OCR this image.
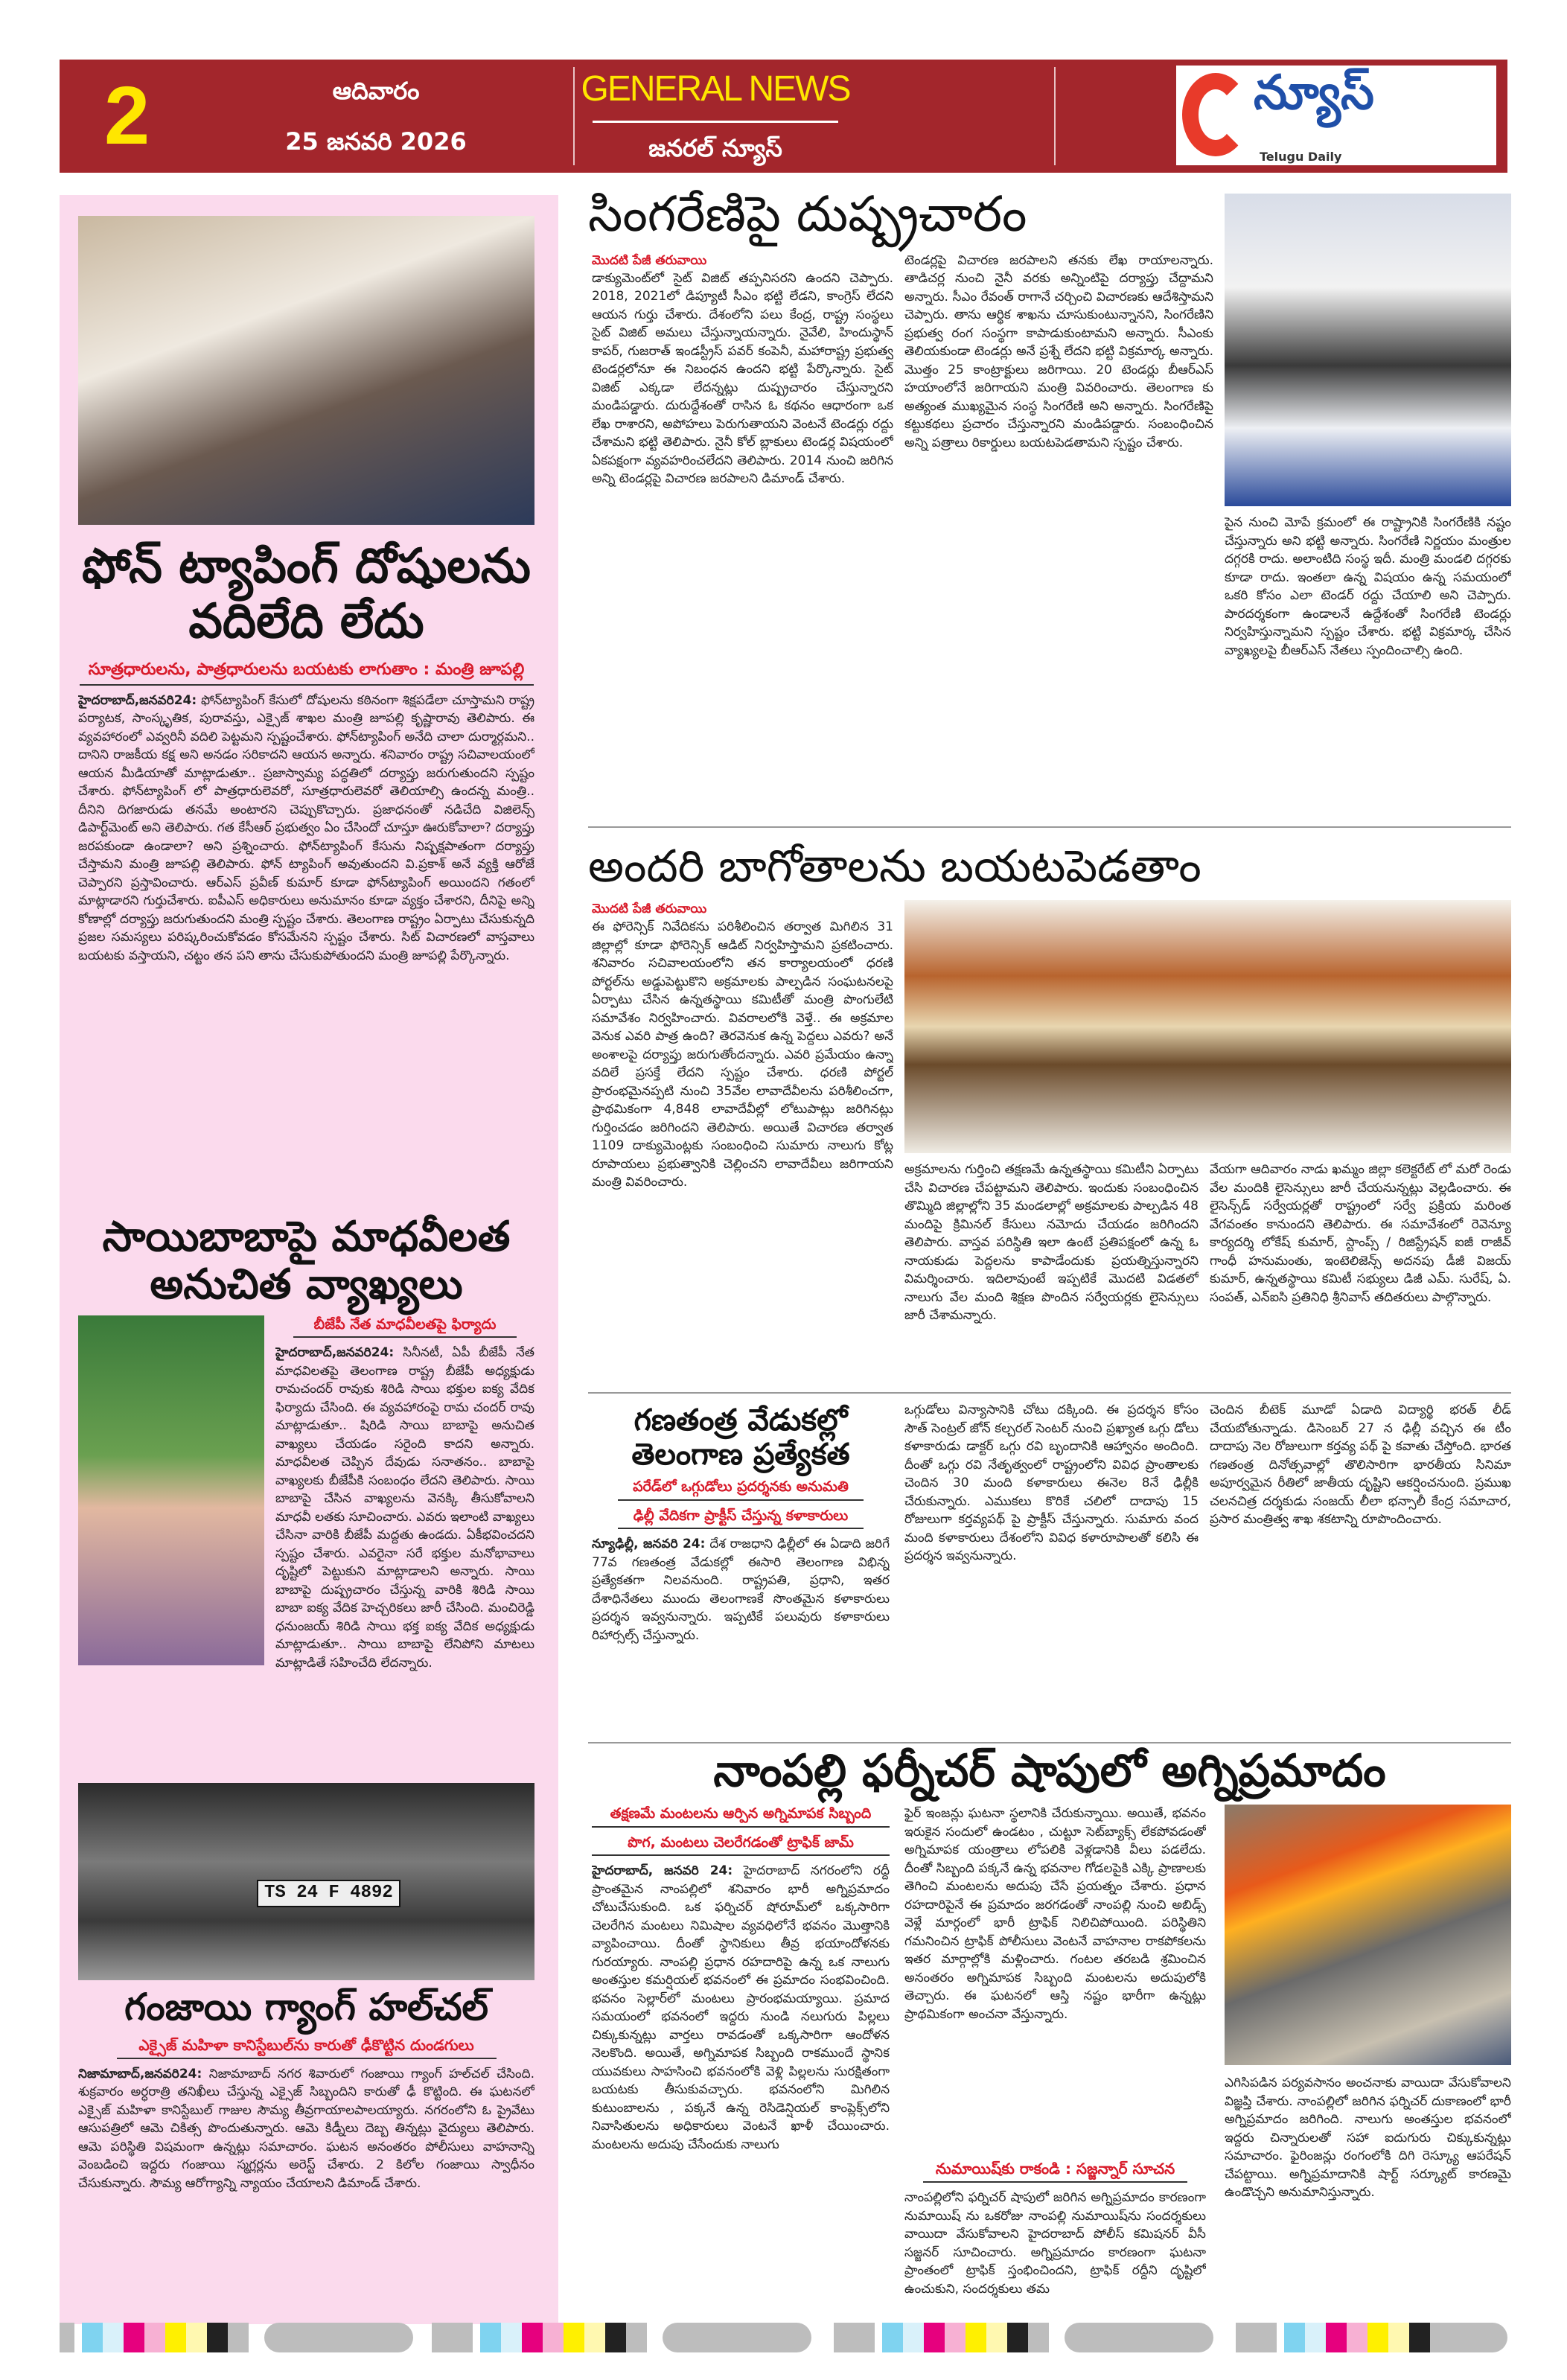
2	ఆదివారం
25 జనవరి 2026
GENERAL NEWS
జనరల్ న్యూస్
న్యూస్
Telugu Daily
ఫోన్ ట్యాపింగ్ దోషులను వదిలేది లేదు
సూత్రధారులను, పాత్రధారులను బయటకు లాగుతాం : మంత్రి జూపల్లి
హైదరాబాద్,జనవరి24: ఫోన్‌ట్యాపింగ్ కేసులో దోషులను కఠినంగా శిక్షపడేలా చూస్తామని రాష్ట్ర పర్యాటక, సాంస్కృతిక, పురావస్తు, ఎక్సైజ్ శాఖల మంత్రి జూపల్లి కృష్ణారావు తెలిపారు. ఈ వ్యవహారంలో ఎవ్వరినీ వదిలి పెట్టమని స్పష్టంచేశారు. ఫోన్‌ట్యాపింగ్ అనేది చాలా దుర్మార్గమని.. దానిని రాజకీయ కక్ష అని అనడం సరికాదని ఆయన అన్నారు. శనివారం రాష్ట్ర సచివాలయంలో ఆయన మీడియాతో మాట్లాడుతూ.. ప్రజాస్వామ్య పద్ధతిలో దర్యాప్తు జరుగుతుందని స్పష్టం చేశారు. ఫోన్‌ట్యాపింగ్ లో పాత్రధారులెవరో, సూత్రధారులెవరో తెలియాల్సి ఉందన్న మంత్రి.. దీనిని దిగజారుడు తనమే అంటారని చెప్పుకొచ్చారు. ప్రజాధనంతో నడిచేది విజిలెన్స్ డిపార్ట్‌మెంట్ అని తెలిపారు. గత కేసీఆర్ ప్రభుత్వం ఏం చేసిందో చూస్తూ ఊరుకోవాలా? దర్యాప్తు జరపకుండా ఉండాలా? అని ప్రశ్నించారు. ఫోన్‌ట్యాపింగ్ కేసును నిష్పక్షపాతంగా దర్యాప్తు చేస్తామని మంత్రి జూపల్లి తెలిపారు. ఫోన్ ట్యాపింగ్ అవుతుందని వి.ప్రకాశ్ అనే వ్యక్తి ఆరోజే చెప్పారని ప్రస్తావించారు. ఆర్ఎస్ ప్రవీణ్ కుమార్ కూడా ఫోన్‌ట్యాపింగ్ అయిందని గతంలో మాట్లాడారని గుర్తుచేశారు. ఐపీఎస్ అధికారులు అనుమానం కూడా వ్యక్తం చేశారని, దీనిపై అన్ని కోణాల్లో దర్యాప్తు జరుగుతుందని మంత్రి స్పష్టం చేశారు. తెలంగాణ రాష్ట్రం ఏర్పాటు చేసుకున్నది ప్రజల సమస్యలు పరిష్కరించుకోవడం కోసమేనని స్పష్టం చేశారు. సిట్ విచారణలో వాస్తవాలు బయటకు వస్తాయని, చట్టం తన పని తాను చేసుకుపోతుందని మంత్రి జూపల్లి పేర్కొన్నారు.
సాయిబాబాపై మాధవీలత అనుచిత వ్యాఖ్యలు
బీజేపీ నేత మాధవీలతపై ఫిర్యాదు
హైదరాబాద్,జనవరి24: సినీనటీ, ఏపీ బీజేపీ నేత మాధవిలతపై తెలంగాణ రాష్ట్ర బీజేపీ అధ్యక్షుడు రామచందర్ రావుకు శిరిడి సాయి భక్తుల ఐక్య వేదిక ఫిర్యాదు చేసింది. ఈ వ్యవహారంపై రామ చందర్ రావు మాట్లాడుతూ.. షిరిడి సాయి బాబాపై అనుచిత వాఖ్యలు చేయడం సరైంది కాదని అన్నారు. మాధవీలత చెప్పిన దేవుడు సనాతనం.. బాబాపై వాఖ్యలకు బీజేపీకి సంబంధం లేదని తెలిపారు. సాయి బాబాపై చేసిన వాఖ్యలను వెనక్కి తీసుకోవాలని మాధవీ లతకు సూచించారు. ఎవరు ఇలాంటి వాఖ్యలు చేసినా వారికి బీజేపీ మద్దతు ఉండదు. ఏకీభవించదని స్పష్టం చేశారు. ఎవరైనా సరే భక్తుల మనోభావాలు దృష్టిలో పెట్టుకుని మాట్లాడాలని అన్నారు. సాయి బాబాపై దుష్ప్రచారం చేస్తున్న వారికి శిరిడి సాయి బాబా ఐక్య వేదిక హెచ్చరికలు జారీ చేసింది. మంచిరెడ్డి ధనుంజయ్ శిరిడి సాయి భక్త ఐక్య వేదిక అధ్యక్షుడు మాట్లాడుతూ.. సాయి బాబాపై లేనిపోని మాటలు మాట్లాడితే సహించేది లేదన్నారు.
TS 24 F 4892
గంజాయి గ్యాంగ్ హల్‌చల్
ఎక్సైజ్ మహిళా కానిస్టేబుల్‌ను కారుతో ఢీకొట్టిన దుండగులు
నిజామాబాద్,జనవరి24: నిజామాబాద్ నగర శివారులో గంజాయి గ్యాంగ్ హల్‌చల్ చేసింది. శుక్రవారం అర్ధరాత్రి తనిఖీలు చేస్తున్న ఎక్సైజ్ సిబ్బందిని కారుతో ఢీ కొట్టింది. ఈ ఘటనలో ఎక్సైజ్ మహిళా కానిస్టేబుల్ గాజుల సౌమ్య తీవ్రగాయాలపాలయ్యారు. నగరంలోని ఓ ప్రైవేటు ఆసుపత్రిలో ఆమె చికిత్స పొందుతున్నారు. ఆమె కిడ్నీలు దెబ్బ తిన్నట్లు వైద్యులు తెలిపారు. ఆమె పరిస్థితి విషమంగా ఉన్నట్లు సమాచారం. ఘటన అనంతరం పోలీసులు వాహనాన్ని వెంబడించి ఇద్దరు గంజాయి స్మగ్లర్లను అరెస్ట్ చేశారు. 2 కిలోల గంజాయి స్వాధీనం చేసుకున్నారు. సౌమ్య ఆరోగ్యాన్ని న్యాయం చేయాలని డిమాండ్ చేశారు.
సింగరేణిపై దుష్ప్రచారం
మొదటి పేజీ తరువాయి
డాక్యుమెంట్‌లో సైట్ విజిట్ తప్పనిసరని ఉందని చెప్పారు. 2018, 2021లో డిప్యూటీ సీఎం భట్టి లేడని, కాంగ్రెస్ లేదని ఆయన గుర్తు చేశారు. దేశంలోని పలు కేంద్ర, రాష్ట్ర సంస్థలు సైట్ విజిట్ అమలు చేస్తున్నాయన్నారు. నైవేలి, హిందుస్థాన్ కాపర్, గుజరాత్ ఇండస్ట్రీస్ పవర్ కంపెనీ, మహారాష్ట్ర ప్రభుత్వ టెండర్లలోనూ ఈ నిబంధన ఉందని భట్టి పేర్కొన్నారు. సైట్ విజిట్ ఎక్కడా లేదన్నట్లు దుష్ప్రచారం చేస్తున్నారని మండిపడ్డారు. దురుద్దేశంతో రాసిన ఓ కథనం ఆధారంగా ఒక లేఖ రాశారని, అపోహలు పెరుగుతాయని వెంటనే టెండర్లు రద్దు చేశామని భట్టి తెలిపారు. నైనీ కోల్ బ్లాకులు టెండర్ల విషయంలో ఏకపక్షంగా వ్యవహరించలేదని తెలిపారు. 2014 నుంచి జరిగిన అన్ని టెండర్లపై విచారణ జరపాలని డిమాండ్ చేశారు.
టెండర్లపై విచారణ జరపాలని తనకు లేఖ రాయాలన్నారు. తాడిచర్ల నుంచి నైనీ వరకు అన్నింటిపై దర్యాప్తు చేద్దామని అన్నారు. సీఎం రేవంత్ రాగానే చర్చించి విచారణకు ఆదేశిస్తామని చెప్పారు. తాను ఆర్థిక శాఖను చూసుకుంటున్నానని, సింగరేణిని ప్రభుత్వ రంగ సంస్థగా కాపాడుకుంటామని అన్నారు. సీఎంకు తెలియకుండా టెండర్లు అనే ప్రశ్నే లేదని భట్టి విక్రమార్క అన్నారు. మొత్తం 25 కాంట్రాక్టులు జరిగాయి. 20 టెండర్లు బీఆర్ఎస్ హయాంలోనే జరిగాయని మంత్రి వివరించారు. తెలంగాణ కు అత్యంత ముఖ్యమైన సంస్థ సింగరేణి అని అన్నారు. సింగరేణిపై కట్టుకథలు ప్రచారం చేస్తున్నారని మండిపడ్డారు. సంబంధించిన అన్ని పత్రాలు రికార్డులు బయటపెడతామని స్పష్టం చేశారు.
పైన నుంచి మోపే క్రమంలో ఈ రాష్ట్రానికి సింగరేణికి నష్టం చేస్తున్నారు అని భట్టి అన్నారు. సింగరేణి నిర్ణయం మంత్రుల దగ్గరకి రాదు. అలాంటిది సంస్థ ఇదీ. మంత్రి మండలి దగ్గరకు కూడా రాదు. ఇంతలా ఉన్న విషయం ఉన్న సమయంలో ఒకరి కోసం ఎలా టెండర్ రద్దు చేయాలి అని చెప్పారు. పారదర్శకంగా ఉండాలనే ఉద్దేశంతో సింగరేణి టెండర్లు నిర్వహిస్తున్నామని స్పష్టం చేశారు. భట్టి విక్రమార్క చేసిన వ్యాఖ్యలపై బీఆర్ఎస్ నేతలు స్పందించాల్సి ఉంది.
అందరి బాగోతాలను బయటపెడతాం
మొదటి పేజీ తరువాయి
ఈ ఫోరెన్సిక్ నివేదికను పరిశీలించిన తర్వాత మిగిలిన 31 జిల్లాల్లో కూడా ఫోరెన్సిక్ ఆడిట్ నిర్వహిస్తామని ప్రకటించారు. శనివారం సచివాలయంలోని తన కార్యాలయంలో ధరణి పోర్టల్‌ను అడ్డుపెట్టుకొని అక్రమాలకు పాల్పడిన సంఘటనలపై ఏర్పాటు చేసిన ఉన్నతస్థాయి కమిటీతో మంత్రి పొంగులేటి సమావేశం నిర్వహించారు. వివరాలలోకి వెళ్తే.. ఈ అక్రమాల వెనుక ఎవరి పాత్ర ఉంది? తెరవెనుక ఉన్న పెద్దలు ఎవరు? అనే అంశాలపై దర్యాప్తు జరుగుతోందన్నారు. ఎవరి ప్రమేయం ఉన్నా వదిలే ప్రసక్తే లేదని స్పష్టం చేశారు. ధరణి పోర్టల్ ప్రారంభమైనప్పటి నుంచి 35వేల లావాదేవీలను పరిశీలించగా, ప్రాథమికంగా 4,848 లావాదేవీల్లో లోటుపాట్లు జరిగినట్లు గుర్తించడం జరిగిందని తెలిపారు. అయితే విచారణ తర్వాత 1109 దాక్యుమెంట్లకు సంబంధించి సుమారు నాలుగు కోట్ల రూపాయలు ప్రభుత్వానికి చెల్లించని లావాదేవీలు జరిగాయని మంత్రి వివరించారు.
అక్రమాలను గుర్తించి తక్షణమే ఉన్నతస్థాయి కమిటీని ఏర్పాటు చేసి విచారణ చేపట్టామని తెలిపారు. ఇందుకు సంబంధించిన తొమ్మిది జిల్లాల్లోని 35 మండలాల్లో అక్రమాలకు పాల్పడిన 48 మందిపై క్రిమినల్ కేసులు నమోదు చేయడం జరిగిందని తెలిపారు. వాస్తవ పరిస్థితి ఇలా ఉంటే ప్రతిపక్షంలో ఉన్న ఓ నాయకుడు పెద్దలను కాపాడేందుకు ప్రయత్నిస్తున్నారని విమర్శించారు. ఇదిలావుంటే ఇప్పటికే మొదటి విడతలో నాలుగు వేల మంది శిక్షణ పొందిన సర్వేయర్లకు లైసెన్సులు జారీ చేశామన్నారు.
వేయగా ఆదివారం నాడు ఖమ్మం జిల్లా కలెక్టరేట్ లో మరో రెండు వేల మందికి లైసెన్సులు జారీ చేయనున్నట్లు వెల్లడించారు. ఈ లైసెన్స్‌డ్ సర్వేయర్లతో రాష్ట్రంలో సర్వే ప్రక్రియ మరింత వేగవంతం కానుందని తెలిపారు. ఈ సమావేశంలో రెవెన్యూ కార్యదర్శి లోకేష్ కుమార్, స్టాంప్స్ / రిజిస్ట్రేషన్ ఐజీ రాజీవ్ గాంధీ హనుమంతు, ఇంటెలిజెన్స్ అదనపు డీజీ విజయ్ కుమార్, ఉన్నతస్థాయి కమిటీ సభ్యులు డిజీ ఎమ్. సురేష్, ఏ. సంపత్, ఎన్ఐసి ప్రతినిధి శ్రీనివాస్ తదితరులు పాల్గొన్నారు.
గణతంత్ర వేడుకల్లో తెలంగాణ ప్రత్యేకత
పరేడ్‌లో ఒగ్గుడోలు ప్రదర్శనకు అనుమతి
ఢిల్లీ వేదికగా ప్రాక్టీస్ చేస్తున్న కళాకారులు
న్యూఢిల్లీ, జనవరి 24: దేశ రాజధాని ఢిల్లీలో ఈ ఏడాది జరిగే 77వ గణతంత్ర వేడుకల్లో ఈసారి తెలంగాణ విభిన్న ప్రత్యేకతగా నిలవనుంది. రాష్ట్రపతి, ప్రధాని, ఇతర దేశాధినేతలు ముందు తెలంగాణకే సొంతమైన కళాకారులు ప్రదర్శన ఇవ్వనున్నారు. ఇప్పటికే పలువురు కళాకారులు రిహార్సల్స్ చేస్తున్నారు.
ఒగ్గుడోలు విన్యాసానికి చోటు దక్కింది. ఈ ప్రదర్శన కోసం సౌత్ సెంట్రల్ జోన్ కల్చరల్ సెంటర్ నుంచి ప్రఖ్యాత ఒగ్గు డోలు కళాకారుడు డాక్టర్ ఒగ్గు రవి బృందానికి ఆహ్వానం అందింది. దీంతో ఒగ్గు రవి నేతృత్వంలో రాష్ట్రంలోని వివిధ ప్రాంతాలకు చెందిన 30 మంది కళాకారులు ఈనెల 8నే ఢిల్లీకి చేరుకున్నారు. ఎముకలు కొరికే చలిలో దాదాపు 15 రోజులుగా కర్తవ్యపథ్ పై ప్రాక్టీస్ చేస్తున్నారు. సుమారు వంద మంది కళాకారులు దేశంలోని వివిధ కళారూపాలతో కలిసి ఈ ప్రదర్శన ఇవ్వనున్నారు.
చెందిన బీటెక్ మూడో ఏడాది విద్యార్థి భరత్ లీడ్ చేయబోతున్నాడు. డిసెంబర్ 27 న ఢిల్లీ వచ్చిన ఈ టీం దాదాపు నెల రోజులుగా కర్తవ్య పథ్ పై కవాతు చేస్తోంది. భారత గణతంత్ర దినోత్సవాల్లో తొలిసారిగా భారతీయ సినిమా అపూర్వమైన రీతిలో జాతీయ దృష్టిని ఆకర్షించనుంది. ప్రముఖ చలనచిత్ర దర్శకుడు సంజయ్ లీలా భన్సాలీ కేంద్ర సమాచార, ప్రసార మంత్రిత్వ శాఖ శకటాన్ని రూపొందించారు.
నాంపల్లి ఫర్నీచర్ షాపులో అగ్నిప్రమాదం
తక్షణమే మంటలను ఆర్పిన అగ్నిమాపక సిబ్బంది
పొగ, మంటలు చెలరేగడంతో ట్రాఫిక్ జామ్
హైదరాబాద్, జనవరి 24: హైదరాబాద్ నగరంలోని రద్దీ ప్రాంతమైన నాంపల్లిలో శనివారం భారీ అగ్నిప్రమాదం చోటుచేసుకుంది. ఒక ఫర్నిచర్ షోరూమ్‌లో ఒక్కసారిగా చెలరేగిన మంటలు నిమిషాల వ్యవధిలోనే భవనం మొత్తానికి వ్యాపించాయి. దీంతో స్థానికులు తీవ్ర భయాందోళనకు గురయ్యారు. నాంపల్లి ప్రధాన రహదారిపై ఉన్న ఒక నాలుగు అంతస్తుల కమర్షియల్ భవనంలో ఈ ప్రమాదం సంభవించింది. భవనం సెల్లార్‌లో మంటలు ప్రారంభమయ్యాయి. ప్రమాద సమయంలో భవనంలో ఇద్దరు నుండి నలుగురు పిల్లలు చిక్కుకున్నట్లు వార్తలు రావడంతో ఒక్కసారిగా ఆందోళన నెలకొంది. అయితే, అగ్నిమాపక సిబ్బంది రాకముందే స్థానిక యువకులు సాహసించి భవనంలోకి వెళ్లి పిల్లలను సురక్షితంగా బయటకు తీసుకువచ్చారు. భవనంలోని మిగిలిన కుటుంబాలను , పక్కనే ఉన్న రెసిడెన్షియల్ కాంప్లెక్స్‌లోని నివాసితులను అధికారులు వెంటనే ఖాళీ చేయించారు. మంటలను అదుపు చేసేందుకు నాలుగు
ఫైర్ ఇంజన్లు ఘటనా స్థలానికి చేరుకున్నాయి. అయితే, భవనం ఇరుకైన సందులో ఉండటం , చుట్టూ సెట్‌బ్యాక్స్ లేకపోవడంతో అగ్నిమాపక యంత్రాలు లోపలికి వెళ్లడానికి వీలు పడలేదు. దీంతో సిబ్బంది పక్కనే ఉన్న భవనాల గోడలపైకి ఎక్కి ప్రాణాలకు తెగించి మంటలను అదుపు చేసే ప్రయత్నం చేశారు. ప్రధాన రహదారిపైనే ఈ ప్రమాదం జరగడంతో నాంపల్లి నుంచి అబిడ్స్ వెళ్లే మార్గంలో భారీ ట్రాఫిక్ నిలిచిపోయింది. పరిస్థితిని గమనించిన ట్రాఫిక్ పోలీసులు వెంటనే వాహనాల రాకపోకలను ఇతర మార్గాల్లోకి మళ్లించారు. గంటల తరబడి శ్రమించిన అనంతరం అగ్నిమాపక సిబ్బంది మంటలను అదుపులోకి తెచ్చారు. ఈ ఘటనలో ఆస్తి నష్టం భారీగా ఉన్నట్లు ప్రాథమికంగా అంచనా వేస్తున్నారు.
నుమాయిష్‌కు రాకండి : సజ్జన్నార్ సూచన
నాంపల్లిలోని ఫర్నిచర్ షాపులో జరిగిన అగ్నిప్రమాదం కారణంగా నుమాయిష్ ను ఒకరోజు నాంపల్లి నుమాయిష్‌ను సందర్శకులు వాయిదా వేసుకోవాలని హైదరాబాద్ పోలీస్ కమిషనర్ వీసీ సజ్జనర్ సూచించారు. అగ్నిప్రమాదం కారణంగా ఘటనా ప్రాంతంలో ట్రాఫిక్ స్తంభించిందని, ట్రాఫిక్ రద్దీని దృష్టిలో ఉంచుకుని, సందర్శకులు తమ
ఎగిసిపడిన పర్యవసానం అంచనాకు వాయిదా వేసుకోవాలని విజ్ఞప్తి చేశారు. నాంపల్లిలో జరిగిన ఫర్నిచర్ దుకాణంలో భారీ అగ్నిప్రమాదం జరిగింది. నాలుగు అంతస్తుల భవనంలో ఇద్దరు చిన్నారులతో సహా ఐదుగురు చిక్కుకున్నట్లు సమాచారం. ఫైరింజన్లు రంగంలోకి దిగి రెస్క్యూ ఆపరేషన్ చేపట్టాయి. అగ్నిప్రమాదానికి షార్ట్ సర్క్యూట్ కారణమై ఉండొచ్చని అనుమానిస్తున్నారు.
